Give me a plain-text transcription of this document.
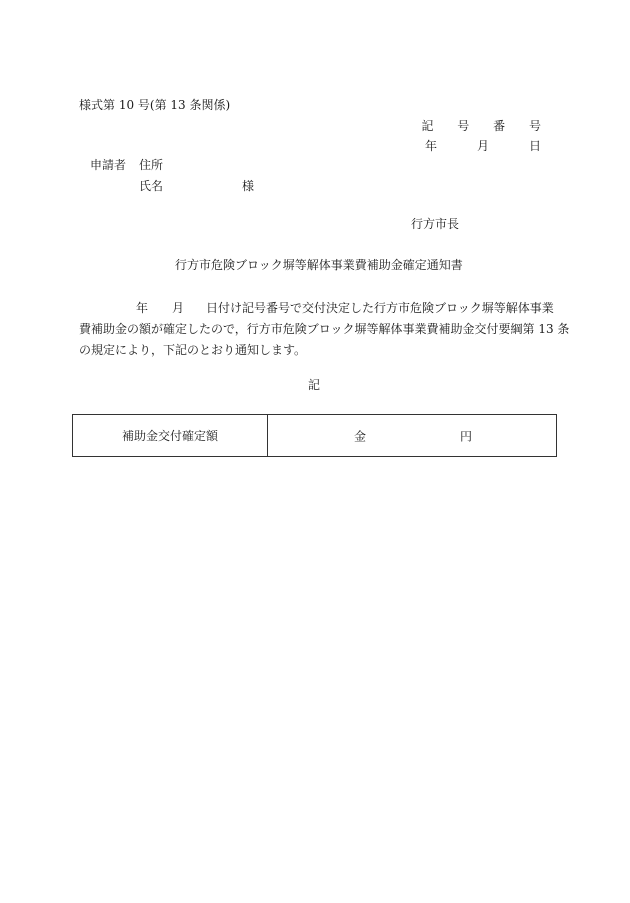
様式第 10 号(第 13 条関係)
記 号 番 号
年	月	日
申請者 住所
氏名	様
行方市長
行方市危険ブロック塀等解体事業費補助金確定通知書
年 月 日付け記号番号で交付決定した行方市危険ブロック塀等解体事業
費補助金の額が確定したので，行方市危険ブロック塀等解体事業費補助金交付要綱第 13 条
の規定により，下記のとおり通知します。
記
補助金交付確定額	金	円
